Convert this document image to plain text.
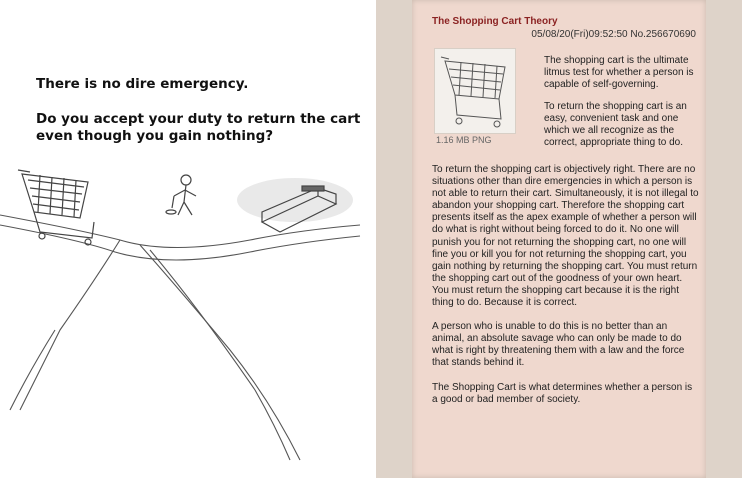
There is no dire emergency.
Do you accept your duty to return the cart even though you gain nothing?
The Shopping Cart Theory
05/08/20(Fri)09:52:50 No.256670690
1.16 MB PNG

The shopping cart is the ultimate litmus test for whether a person is capable of self-governing.

To return the shopping cart is an easy, convenient task and one which we all recognize as the correct, appropriate thing to do.

To return the shopping cart is objectively right. There are no situations other than dire emergencies in which a person is not able to return their cart. Simultaneously, it is not illegal to abandon your shopping cart. Therefore the shopping cart presents itself as the apex example of whether a person will do what is right without being forced to do it. No one will punish you for not returning the shopping cart, no one will fine you or kill you for not returning the shopping cart, you gain nothing by returning the shopping cart. You must return the shopping cart out of the goodness of your own heart. You must return the shopping cart because it is the right thing to do. Because it is correct.

A person who is unable to do this is no better than an animal, an absolute savage who can only be made to do what is right by threatening them with a law and the force that stands behind it.

The Shopping Cart is what determines whether a person is a good or bad member of society.
